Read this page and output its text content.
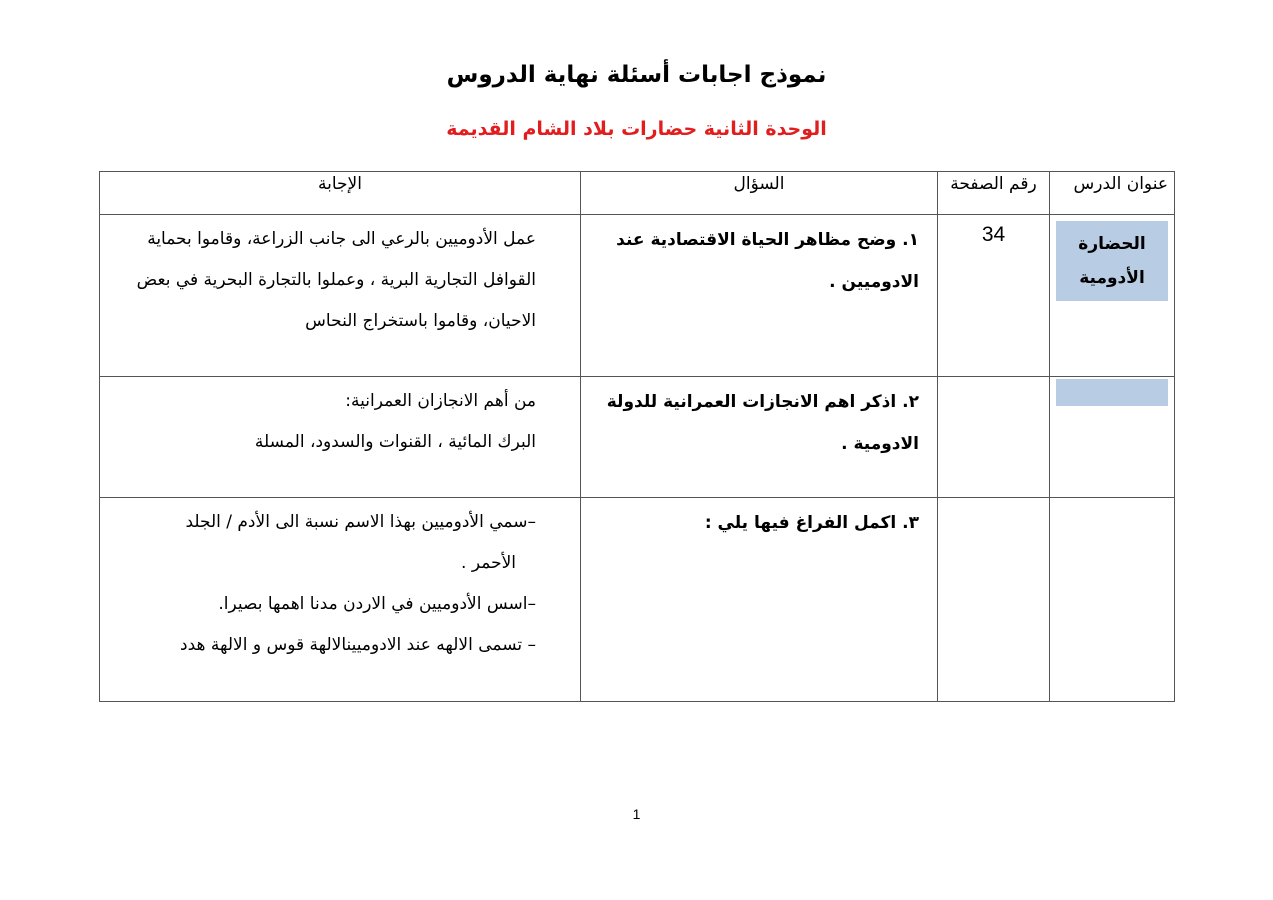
نموذج اجابات أسئلة نهاية الدروس
الوحدة الثانية حضارات بلاد الشام القديمة
عنوان الدرس	رقم الصفحة	السؤال	الإجابة

الحضارة الأدومية	34	١. وضح مظاهر الحياة الاقتصادية عند الادوميين .	عمل الأدوميين بالرعي الى جانب الزراعة، وقاموا بحماية
القوافل التجارية البرية ، وعملوا بالتجارة البحرية في بعض
الاحيان، وقاموا باستخراج النحاس

		٢. اذكر اهم الانجازات العمرانية للدولة الادومية .	من أهم الانجازان العمرانية:
البرك المائية ، القنوات والسدود، المسلة

		٣. اكمل الفراغ فيها يلي :	–سمي الأدوميين بهذا الاسم نسبة الى الأدم / الجلد
الأحمر .
–اسس الأدوميين في الاردن مدنا اهمها بصيرا.
– تسمى الالهه عند الادوميينالالهة قوس و الالهة هدد
1
